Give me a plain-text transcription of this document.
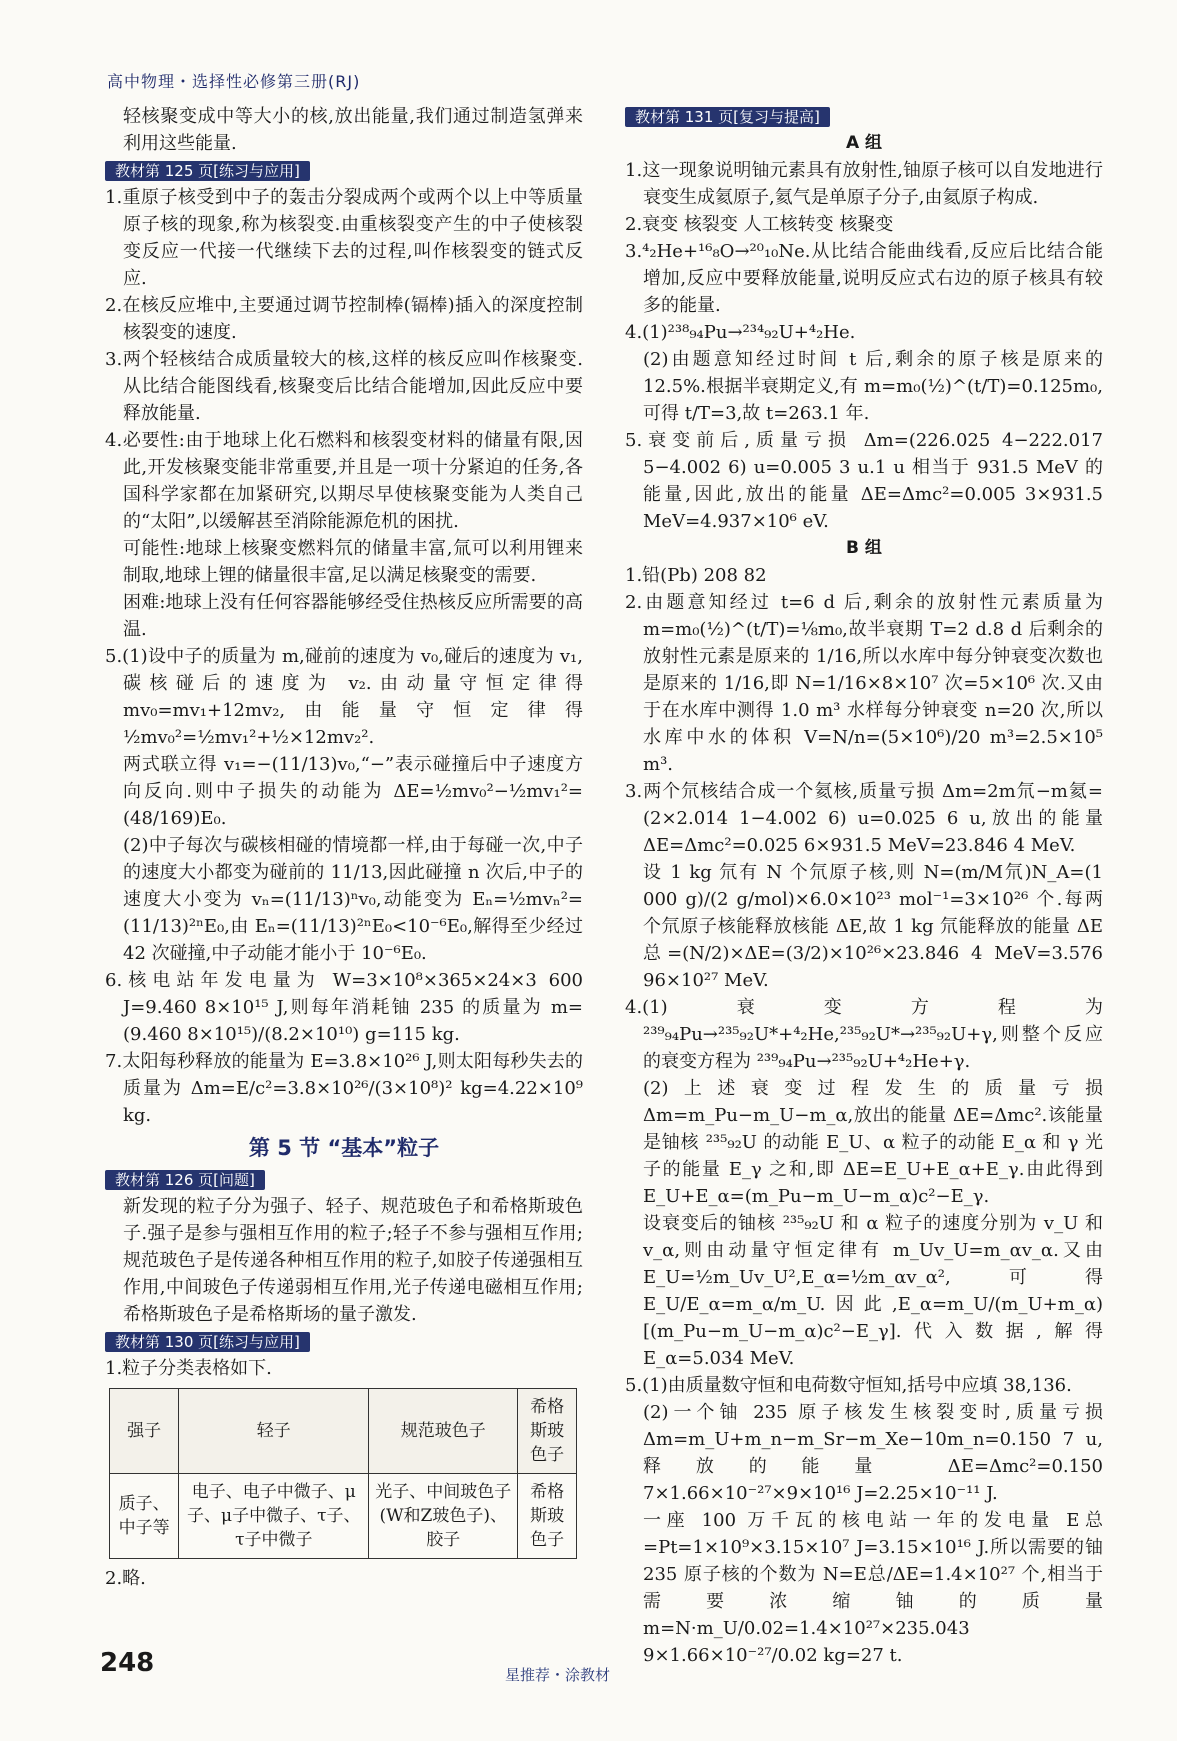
高中物理・选择性必修第三册(RJ)

轻核聚变成中等大小的核,放出能量,我们通过制造氢弹来利用这些能量.

教材第 125 页[练习与应用]

1.重原子核受到中子的轰击分裂成两个或两个以上中等质量原子核的现象,称为核裂变.由重核裂变产生的中子使核裂变反应一代接一代继续下去的过程,叫作核裂变的链式反应.

2.在核反应堆中,主要通过调节控制棒(镉棒)插入的深度控制核裂变的速度.

3.两个轻核结合成质量较大的核,这样的核反应叫作核聚变.从比结合能图线看,核聚变后比结合能增加,因此反应中要释放能量.

4.必要性:由于地球上化石燃料和核裂变材料的储量有限,因此,开发核聚变能非常重要,并且是一项十分紧迫的任务,各国科学家都在加紧研究,以期尽早使核聚变能为人类自己的“太阳”,以缓解甚至消除能源危机的困扰.

可能性:地球上核聚变燃料氘的储量丰富,氚可以利用锂来制取,地球上锂的储量很丰富,足以满足核聚变的需要.

困难:地球上没有任何容器能够经受住热核反应所需要的高温.

5.(1)设中子的质量为 m,碰前的速度为 v₀,碰后的速度为 v₁,碳核碰后的速度为 v₂.由动量守恒定律得 mv₀=mv₁+12mv₂,由能量守恒定律得 ½mv₀²=½mv₁²+½×12mv₂².

两式联立得 v₁=−(11/13)v₀,“−”表示碰撞后中子速度方向反向.则中子损失的动能为 ΔE=½mv₀²−½mv₁²=(48/169)E₀.

(2)中子每次与碳核相碰的情境都一样,由于每碰一次,中子的速度大小都变为碰前的 11/13,因此碰撞 n 次后,中子的速度大小变为 vₙ=(11/13)ⁿv₀,动能变为 Eₙ=½mvₙ²=(11/13)²ⁿE₀,由 Eₙ=(11/13)²ⁿE₀<10⁻⁶E₀,解得至少经过 42 次碰撞,中子动能才能小于 10⁻⁶E₀.

6.核电站年发电量为 W=3×10⁸×365×24×3 600 J=9.460 8×10¹⁵ J,则每年消耗铀 235 的质量为 m=(9.460 8×10¹⁵)/(8.2×10¹⁰) g=115 kg.

7.太阳每秒释放的能量为 E=3.8×10²⁶ J,则太阳每秒失去的质量为 Δm=E/c²=3.8×10²⁶/(3×10⁸)² kg=4.22×10⁹ kg.

第 5 节 “基本”粒子
教材第 126 页[问题]

新发现的粒子分为强子、轻子、规范玻色子和希格斯玻色子.强子是参与强相互作用的粒子;轻子不参与强相互作用;规范玻色子是传递各种相互作用的粒子,如胶子传递强相互作用,中间玻色子传递弱相互作用,光子传递电磁相互作用;希格斯玻色子是希格斯场的量子激发.

教材第 130 页[练习与应用]

1.粒子分类表格如下.

强子	轻子	规范玻色子	希格斯玻色子
质子、中子等	电子、电子中微子、μ子、μ子中微子、τ子、τ子中微子	光子、中间玻色子(W和Z玻色子)、胶子	希格斯玻色子

2.略.

教材第 131 页[复习与提高]
A 组

1.这一现象说明铀元素具有放射性,铀原子核可以自发地进行衰变生成氦原子,氦气是单原子分子,由氦原子构成.

2.衰变 核裂变 人工核转变 核聚变

3.⁴₂He+¹⁶₈O→²⁰₁₀Ne.从比结合能曲线看,反应后比结合能增加,反应中要释放能量,说明反应式右边的原子核具有较多的能量.

4.(1)²³⁸₉₄Pu→²³⁴₉₂U+⁴₂He.

(2)由题意知经过时间 t 后,剩余的原子核是原来的 12.5%.根据半衰期定义,有 m=m₀(½)^(t/T)=0.125m₀,可得 t/T=3,故 t=263.1 年.

5.衰变前后,质量亏损 Δm=(226.025 4−222.017 5−4.002 6) u=0.005 3 u.1 u 相当于 931.5 MeV 的能量,因此,放出的能量 ΔE=Δmc²=0.005 3×931.5 MeV=4.937×10⁶ eV.

B 组

1.铅(Pb) 208 82

2.由题意知经过 t=6 d 后,剩余的放射性元素质量为 m=m₀(½)^(t/T)=⅛m₀,故半衰期 T=2 d.8 d 后剩余的放射性元素是原来的 1/16,所以水库中每分钟衰变次数也是原来的 1/16,即 N=1/16×8×10⁷ 次=5×10⁶ 次.又由于在水库中测得 1.0 m³ 水样每分钟衰变 n=20 次,所以水库中水的体积 V=N/n=(5×10⁶)/20 m³=2.5×10⁵ m³.

3.两个氘核结合成一个氦核,质量亏损 Δm=2m氘−m氦=(2×2.014 1−4.002 6) u=0.025 6 u,放出的能量 ΔE=Δmc²=0.025 6×931.5 MeV=23.846 4 MeV.

设 1 kg 氘有 N 个氘原子核,则 N=(m/M氘)N_A=(1 000 g)/(2 g/mol)×6.0×10²³ mol⁻¹=3×10²⁶ 个.每两个氘原子核能释放核能 ΔE,故 1 kg 氘能释放的能量 ΔE总=(N/2)×ΔE=(3/2)×10²⁶×23.846 4 MeV=3.576 96×10²⁷ MeV.

4.(1)衰变方程为 ²³⁹₉₄Pu→²³⁵₉₂U*+⁴₂He,²³⁵₉₂U*→²³⁵₉₂U+γ,则整个反应的衰变方程为 ²³⁹₉₄Pu→²³⁵₉₂U+⁴₂He+γ.

(2)上述衰变过程发生的质量亏损 Δm=m_Pu−m_U−m_α,放出的能量 ΔE=Δmc².该能量是铀核 ²³⁵₉₂U 的动能 E_U、α 粒子的动能 E_α 和 γ 光子的能量 E_γ 之和,即 ΔE=E_U+E_α+E_γ.由此得到 E_U+E_α=(m_Pu−m_U−m_α)c²−E_γ.

设衰变后的铀核 ²³⁵₉₂U 和 α 粒子的速度分别为 v_U 和 v_α,则由动量守恒定律有 m_Uv_U=m_αv_α.又由 E_U=½m_Uv_U²,E_α=½m_αv_α²,可得 E_U/E_α=m_α/m_U.因此,E_α=m_U/(m_U+m_α)[(m_Pu−m_U−m_α)c²−E_γ].代入数据,解得 E_α=5.034 MeV.

5.(1)由质量数守恒和电荷数守恒知,括号中应填 38,136.

(2)一个铀 235 原子核发生核裂变时,质量亏损 Δm=m_U+m_n−m_Sr−m_Xe−10m_n=0.150 7 u,释放的能量 ΔE=Δmc²=0.150 7×1.66×10⁻²⁷×9×10¹⁶ J=2.25×10⁻¹¹ J.

一座 100 万千瓦的核电站一年的发电量 E总=Pt=1×10⁹×3.15×10⁷ J=3.15×10¹⁶ J.所以需要的铀 235 原子核的个数为 N=E总/ΔE=1.4×10²⁷ 个,相当于需要浓缩铀的质量 m=N·m_U/0.02=1.4×10²⁷×235.043 9×1.66×10⁻²⁷/0.02 kg=27 t.

248	星推荐・涂教材
